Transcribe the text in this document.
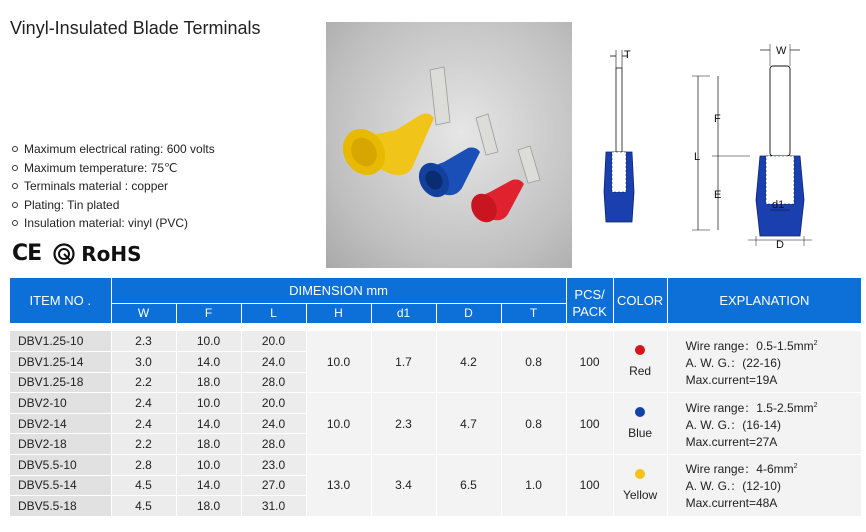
Vinyl-Insulated Blade Terminals
Maximum electrical rating: 600 volts
Maximum temperature: 75℃
Terminals material : copper
Plating: Tin plated
Insulation material: vinyl (PVC)
CE RoHS
T	W
L
F
E
d1
D
ITEM NO .	DIMENSION mm							PCS/	COLOR	EXPLANATION
	W	F	L	H	d1	D	T	PACK		

DBV1.25-10	2.3	10.0	20.0	10.0	1.7	4.2	0.8	100	Red	Wire range：$0.5-1.5mm^2$
A. W. G.：(22-16)
Max.current=19A
DBV1.25-14	3.0	14.0	24.0							
DBV1.25-18	2.2	18.0	28.0							
DBV2-10	2.4	10.0	20.0	10.0	2.3	4.7	0.8	100	Blue	Wire range：$1.5-2.5mm^2$
A. W. G.：(16-14)
Max.current=27A
DBV2-14	2.4	14.0	24.0							
DBV2-18	2.2	18.0	28.0							
DBV5.5-10	2.8	10.0	23.0	13.0	3.4	6.5	1.0	100	Yellow	Wire range：$4-6mm^2$
A. W. G.：(12-10)
Max.current=48A
DBV5.5-14	4.5	14.0	27.0							
DBV5.5-18	4.5	18.0	31.0							
